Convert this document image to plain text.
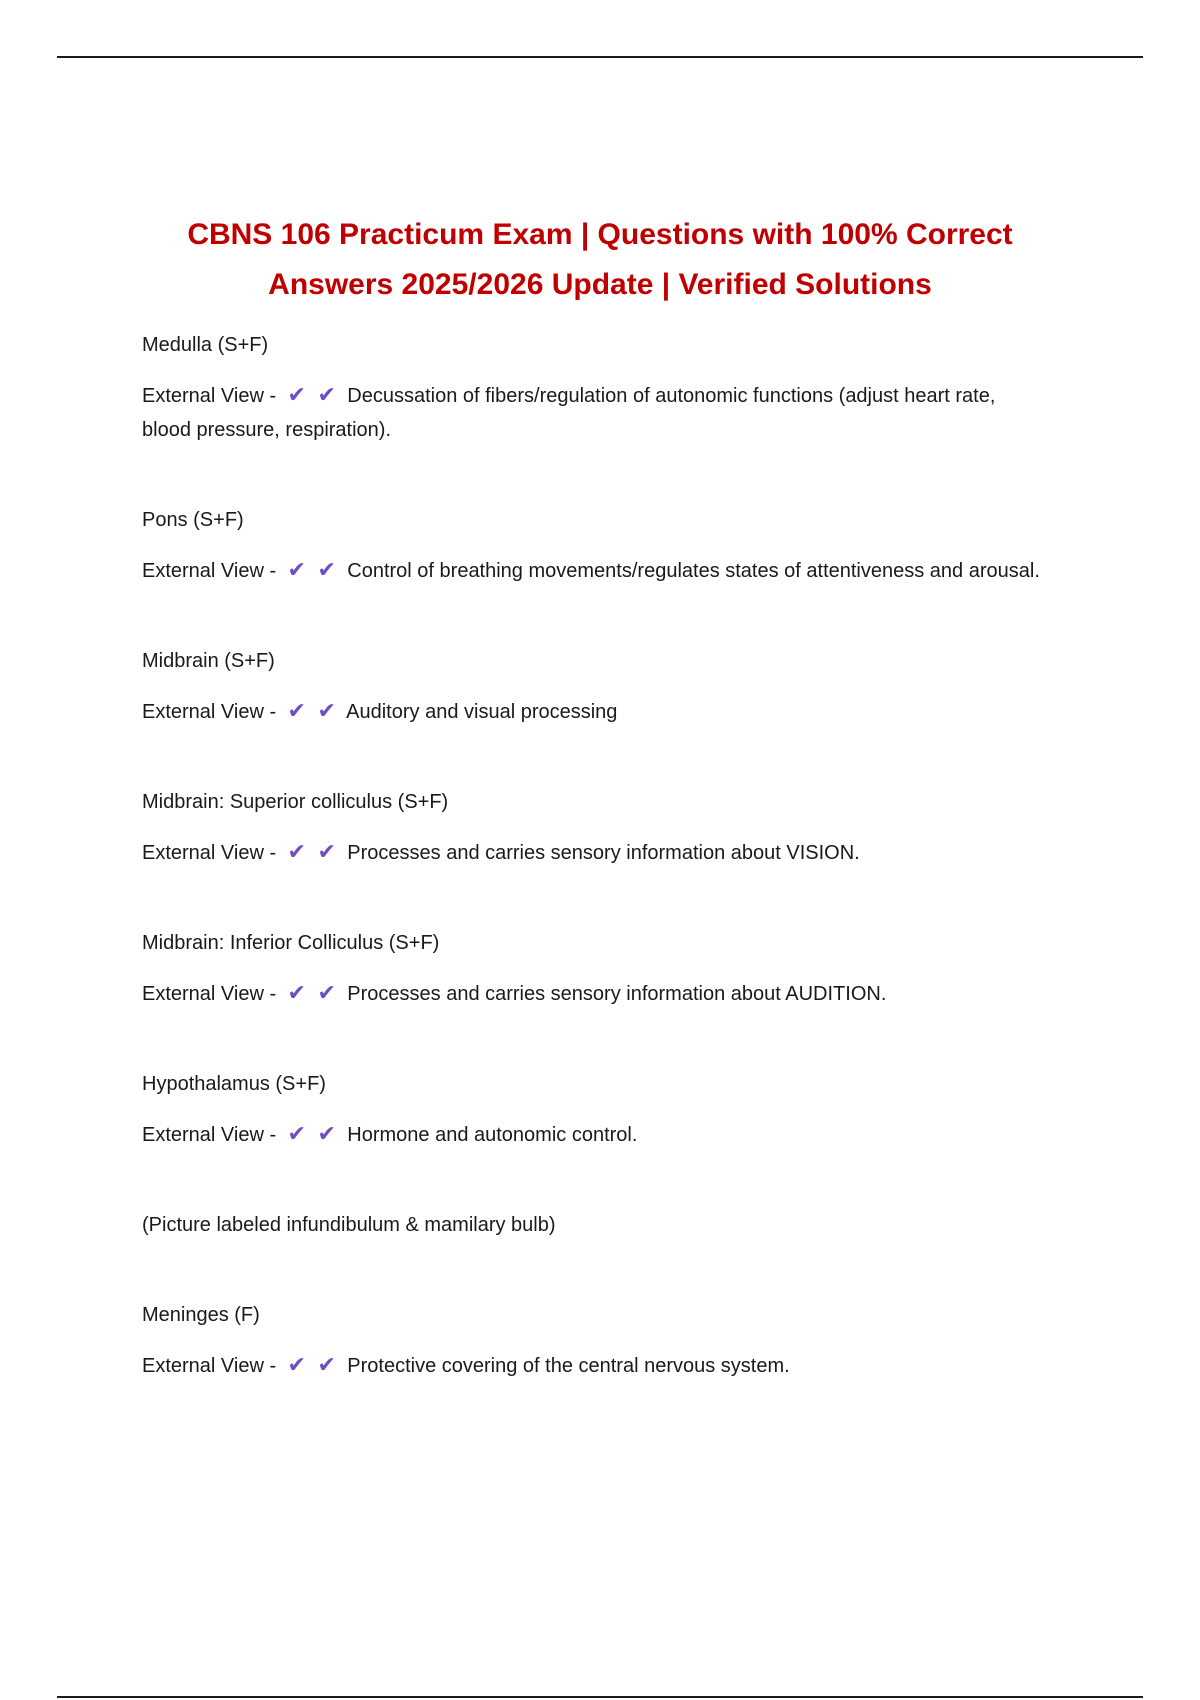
CBNS 106 Practicum Exam | Questions with 100% Correct Answers 2025/2026 Update | Verified Solutions

Medulla (S+F)

External View - ✔ ✔ Decussation of fibers/regulation of autonomic functions (adjust heart rate, blood pressure, respiration).

Pons (S+F)

External View - ✔ ✔ Control of breathing movements/regulates states of attentiveness and arousal.

Midbrain (S+F)

External View - ✔ ✔ Auditory and visual processing

Midbrain: Superior colliculus (S+F)

External View - ✔ ✔ Processes and carries sensory information about VISION.

Midbrain: Inferior Colliculus (S+F)

External View - ✔ ✔ Processes and carries sensory information about AUDITION.

Hypothalamus (S+F)

External View - ✔ ✔ Hormone and autonomic control.

(Picture labeled infundibulum & mamilary bulb)

Meninges (F)

External View - ✔ ✔ Protective covering of the central nervous system.
